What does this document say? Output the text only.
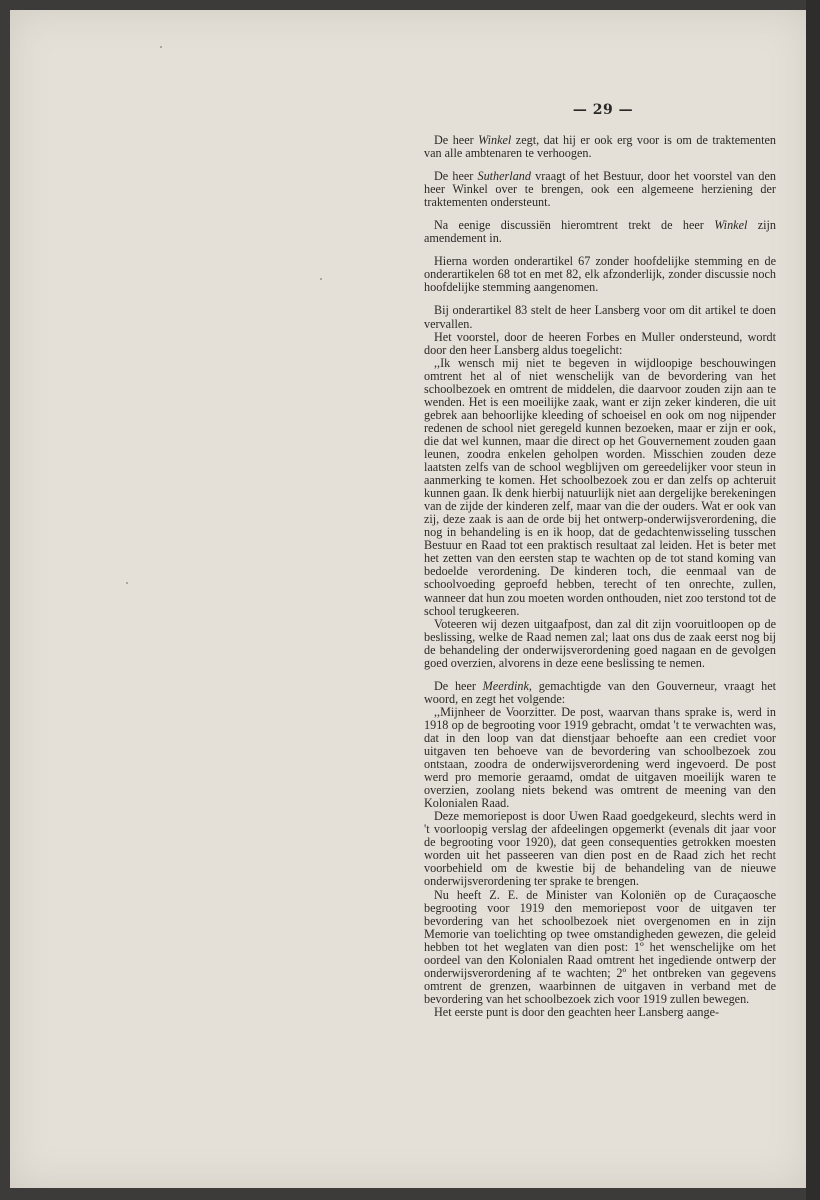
— 29 —

De heer Winkel zegt, dat hij er ook erg voor is om de traktementen van alle ambtenaren te verhoogen.

De heer Sutherland vraagt of het Bestuur, door het voorstel van den heer Winkel over te brengen, ook een algemeene herziening der traktementen ondersteunt.

Na eenige discussiën hieromtrent trekt de heer Winkel zijn amendement in.

Hierna worden onderartikel 67 zonder hoofdelijke stemming en de onderartikelen 68 tot en met 82, elk afzonderlijk, zonder discussie noch hoofdelijke stemming aangenomen.

Bij onderartikel 83 stelt de heer Lansberg voor om dit artikel te doen vervallen.

Het voorstel, door de heeren Forbes en Muller ondersteund, wordt door den heer Lansberg aldus toegelicht:

,,Ik wensch mij niet te begeven in wijdloopige beschouwingen omtrent het al of niet wenschelijk van de bevordering van het schoolbezoek en omtrent de middelen, die daarvoor zouden zijn aan te wenden. Het is een moeilijke zaak, want er zijn zeker kinderen, die uit gebrek aan behoorlijke kleeding of schoeisel en ook om nog nijpender redenen de school niet geregeld kunnen bezoeken, maar er zijn er ook, die dat wel kunnen, maar die direct op het Gouvernement zouden gaan leunen, zoodra enkelen geholpen worden. Misschien zouden deze laatsten zelfs van de school wegblijven om gereedelijker voor steun in aanmerking te komen. Het schoolbezoek zou er dan zelfs op achteruit kunnen gaan. Ik denk hierbij natuurlijk niet aan dergelijke berekeningen van de zijde der kinderen zelf, maar van die der ouders. Wat er ook van zij, deze zaak is aan de orde bij het ontwerp-onderwijsverordening, die nog in behandeling is en ik hoop, dat de gedachtenwisseling tusschen Bestuur en Raad tot een praktisch resultaat zal leiden. Het is beter met het zetten van den eersten stap te wachten op de tot stand koming van bedoelde verordening. De kinderen toch, die eenmaal van de schoolvoeding geproefd hebben, terecht of ten onrechte, zullen, wanneer dat hun zou moeten worden onthouden, niet zoo terstond tot de school terugkeeren.

Voteeren wij dezen uitgaafpost, dan zal dit zijn vooruitloopen op de beslissing, welke de Raad nemen zal; laat ons dus de zaak eerst nog bij de behandeling der onderwijsverordening goed nagaan en de gevolgen goed overzien, alvorens in deze eene beslissing te nemen.

De heer Meerdink, gemachtigde van den Gouverneur, vraagt het woord, en zegt het volgende:

,,Mijnheer de Voorzitter. De post, waarvan thans sprake is, werd in 1918 op de begrooting voor 1919 gebracht, omdat 't te verwachten was, dat in den loop van dat dienstjaar behoefte aan een crediet voor uitgaven ten behoeve van de bevordering van schoolbezoek zou ontstaan, zoodra de onderwijsverordening werd ingevoerd. De post werd pro memorie geraamd, omdat de uitgaven moeilijk waren te overzien, zoolang niets bekend was omtrent de meening van den Kolonialen Raad.

Deze memoriepost is door Uwen Raad goedgekeurd, slechts werd in 't voorloopig verslag der afdeelingen opgemerkt (evenals dit jaar voor de begrooting voor 1920), dat geen consequenties getrokken moesten worden uit het passeeren van dien post en de Raad zich het recht voorbehield om de kwestie bij de behandeling van de nieuwe onderwijsverordening ter sprake te brengen.

Nu heeft Z. E. de Minister van Koloniën op de Curaçaosche begrooting voor 1919 den memoriepost voor de uitgaven ter bevordering van het schoolbezoek niet overgenomen en in zijn Memorie van toelichting op twee omstandigheden gewezen, die geleid hebben tot het weglaten van dien post: 1º het wenschelijke om het oordeel van den Kolonialen Raad omtrent het ingediende ontwerp der onderwijsverordening af te wachten; 2º het ontbreken van gegevens omtrent de grenzen, waarbinnen de uitgaven in verband met de bevordering van het schoolbezoek zich voor 1919 zullen bewegen.

Het eerste punt is door den geachten heer Lansberg aange-
